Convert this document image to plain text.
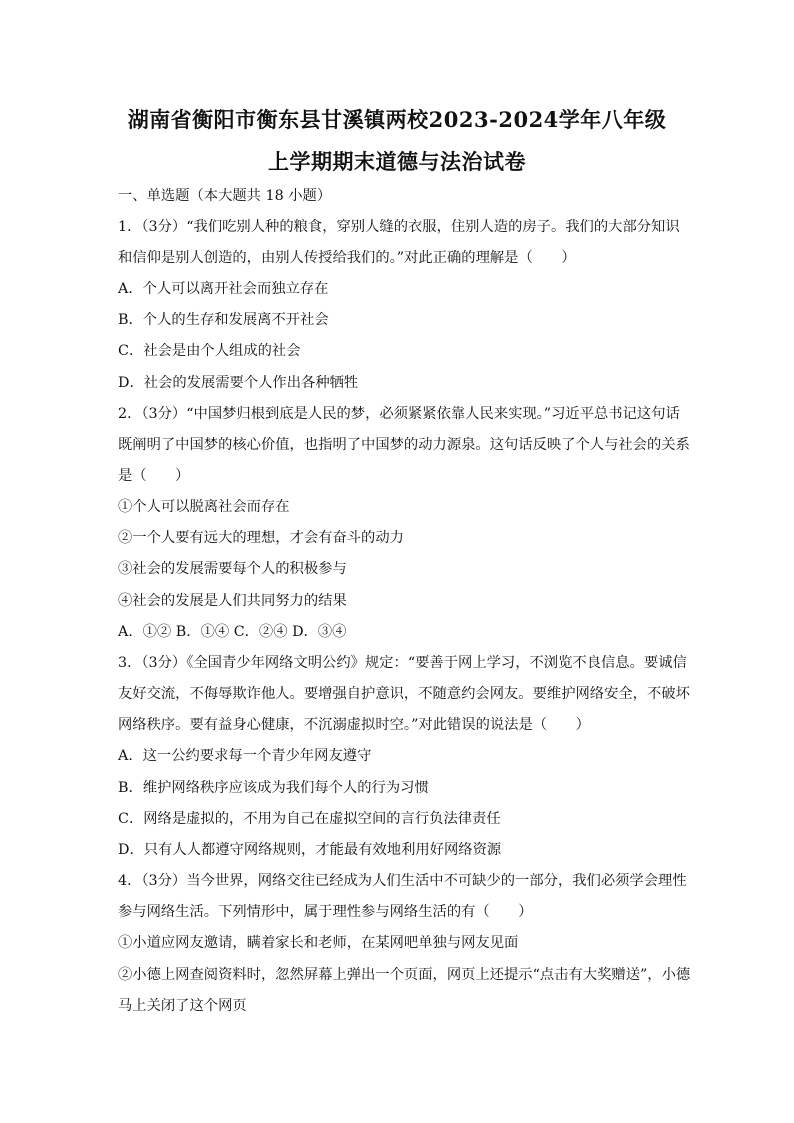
湖南省衡阳市衡东县甘溪镇两校2023-2024学年八年级
上学期期末道德与法治试卷
一、单选题（本大题共 18 小题）
1．（3分）“我们吃别人种的粮食，穿别人缝的衣服，住别人造的房子。我们的大部分知识
和信仰是别人创造的，由别人传授给我们的。”对此正确的理解是（　　）
A．个人可以离开社会而独立存在
B．个人的生存和发展离不开社会
C．社会是由个人组成的社会
D．社会的发展需要个人作出各种牺牲
2．（3分）“中国梦归根到底是人民的梦，必须紧紧依靠人民来实现。”习近平总书记这句话
既阐明了中国梦的核心价值，也指明了中国梦的动力源泉。这句话反映了个人与社会的关系
是（　　）
①个人可以脱离社会而存在
②一个人要有远大的理想，才会有奋斗的动力
③社会的发展需要每个人的积极参与
④社会的发展是人们共同努力的结果
A．①② B．①④ C．②④ D．③④
3．（3分）《全国青少年网络文明公约》规定：“要善于网上学习，不浏览不良信息。要诚信
友好交流，不侮辱欺诈他人。要增强自护意识，不随意约会网友。要维护网络安全，不破坏
网络秩序。要有益身心健康，不沉溺虚拟时空。”对此错误的说法是（　　）
A．这一公约要求每一个青少年网友遵守
B．维护网络秩序应该成为我们每个人的行为习惯
C．网络是虚拟的，不用为自己在虚拟空间的言行负法律责任
D．只有人人都遵守网络规则，才能最有效地利用好网络资源
4．（3分）当今世界，网络交往已经成为人们生活中不可缺少的一部分，我们必须学会理性
参与网络生活。下列情形中，属于理性参与网络生活的有（　　）
①小道应网友邀请，瞒着家长和老师，在某网吧单独与网友见面
②小德上网查阅资料时，忽然屏幕上弹出一个页面，网页上还提示“点击有大奖赠送”，小德
马上关闭了这个网页
